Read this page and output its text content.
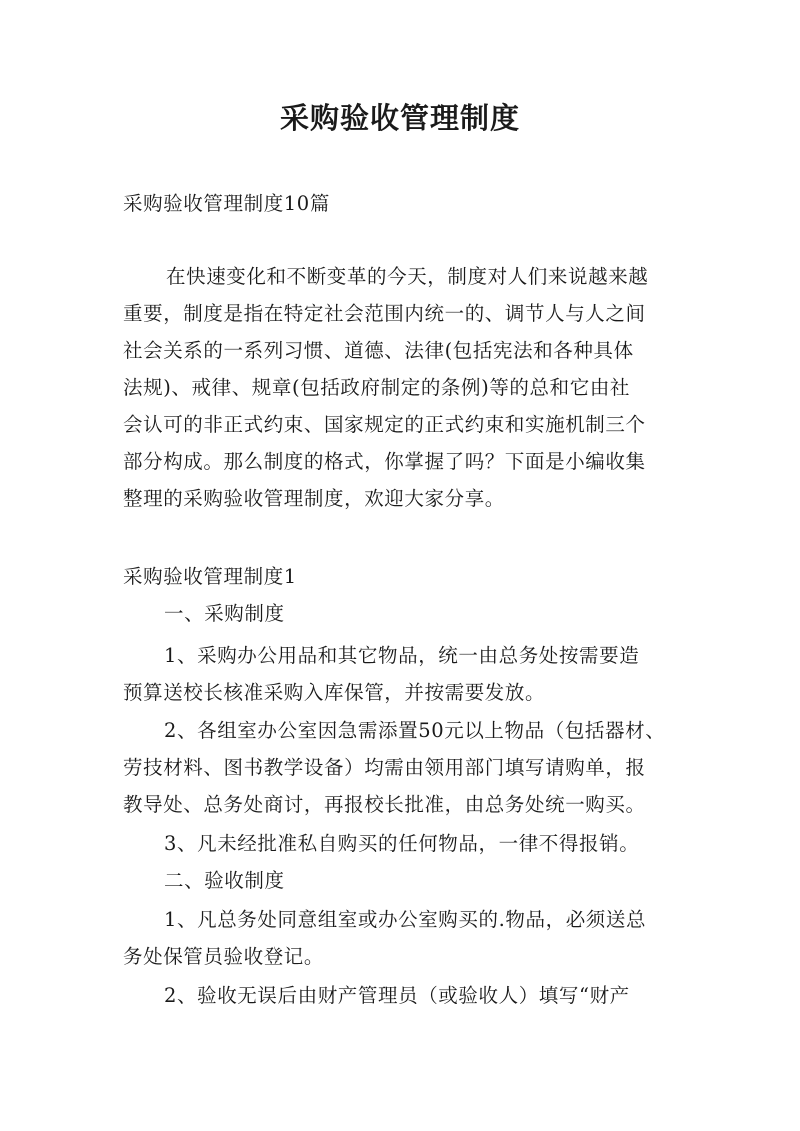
采购验收管理制度

采购验收管理制度10篇

在快速变化和不断变革的今天，制度对人们来说越来越

重要，制度是指在特定社会范围内统一的、调节人与人之间

社会关系的一系列习惯、道德、法律(包括宪法和各种具体

法规)、戒律、规章(包括政府制定的条例)等的总和它由社

会认可的非正式约束、国家规定的正式约束和实施机制三个

部分构成。那么制度的格式，你掌握了吗？下面是小编收集

整理的采购验收管理制度，欢迎大家分享。

采购验收管理制度1

一、采购制度

1、采购办公用品和其它物品，统一由总务处按需要造

预算送校长核准采购入库保管，并按需要发放。

2、各组室办公室因急需添置50元以上物品（包括器材、

劳技材料、图书教学设备）均需由领用部门填写请购单，报

教导处、总务处商讨，再报校长批准，由总务处统一购买。

3、凡未经批准私自购买的任何物品，一律不得报销。

二、验收制度

1、凡总务处同意组室或办公室购买的.物品，必须送总

务处保管员验收登记。

2、验收无误后由财产管理员（或验收人）填写“财产
